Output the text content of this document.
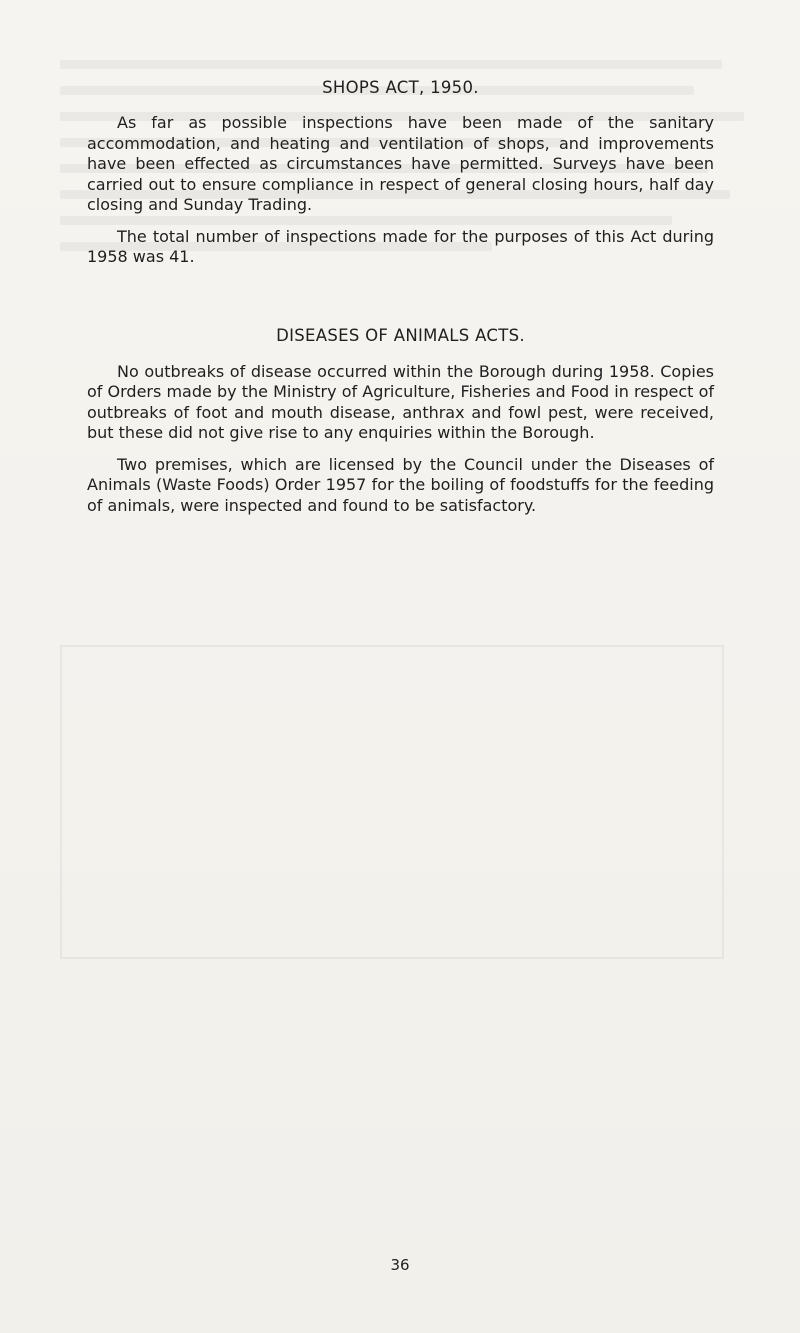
SHOPS ACT, 1950.

As far as possible inspections have been made of the sanitary accommodation, and heating and ventilation of shops, and improvements have been effected as circumstances have permitted. Surveys have been carried out to ensure compliance in respect of general closing hours, half day closing and Sunday Trading.

The total number of inspections made for the purposes of this Act during 1958 was 41.

DISEASES OF ANIMALS ACTS.

No outbreaks of disease occurred within the Borough during 1958. Copies of Orders made by the Ministry of Agriculture, Fisheries and Food in respect of outbreaks of foot and mouth disease, anthrax and fowl pest, were received, but these did not give rise to any enquiries within the Borough.

Two premises, which are licensed by the Council under the Diseases of Animals (Waste Foods) Order 1957 for the boiling of foodstuffs for the feeding of animals, were inspected and found to be satisfactory.

36
